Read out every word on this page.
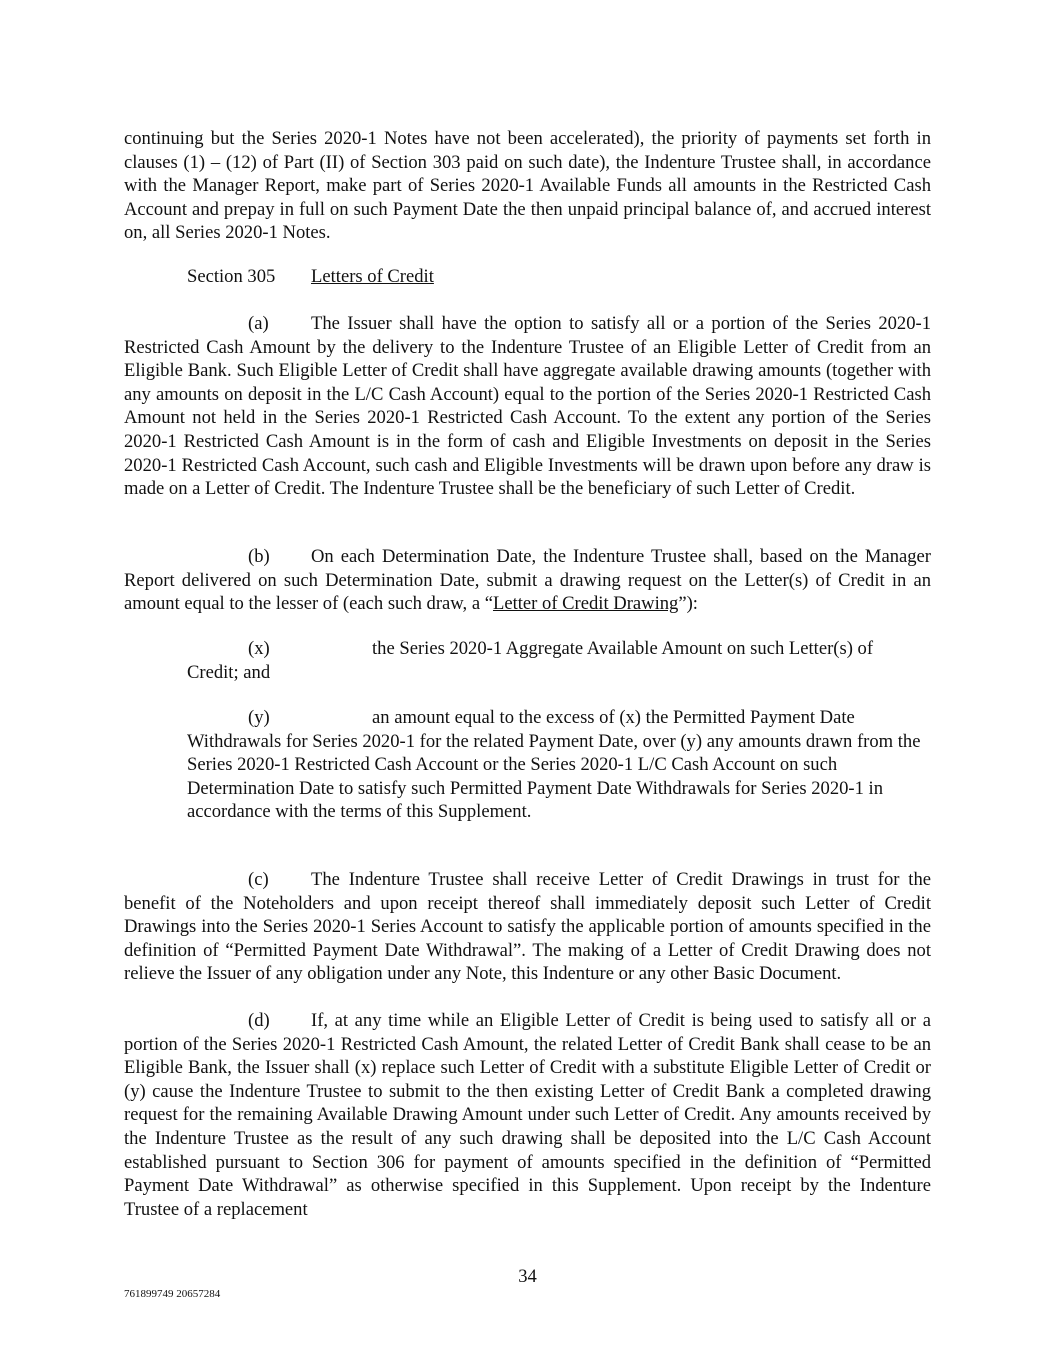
continuing but the Series 2020-1 Notes have not been accelerated), the priority of payments set forth in clauses (1) – (12) of Part (II) of Section 303 paid on such date), the Indenture Trustee shall, in accordance with the Manager Report, make part of Series 2020-1 Available Funds all amounts in the Restricted Cash Account and prepay in full on such Payment Date the then unpaid principal balance of, and accrued interest on, all Series 2020-1 Notes.

Section 305 Letters of Credit

(a) The Issuer shall have the option to satisfy all or a portion of the Series 2020-1 Restricted Cash Amount by the delivery to the Indenture Trustee of an Eligible Letter of Credit from an Eligible Bank. Such Eligible Letter of Credit shall have aggregate available drawing amounts (together with any amounts on deposit in the L/C Cash Account) equal to the portion of the Series 2020-1 Restricted Cash Amount not held in the Series 2020-1 Restricted Cash Account. To the extent any portion of the Series 2020-1 Restricted Cash Amount is in the form of cash and Eligible Investments on deposit in the Series 2020-1 Restricted Cash Account, such cash and Eligible Investments will be drawn upon before any draw is made on a Letter of Credit. The Indenture Trustee shall be the beneficiary of such Letter of Credit.

(b) On each Determination Date, the Indenture Trustee shall, based on the Manager Report delivered on such Determination Date, submit a drawing request on the Letter(s) of Credit in an amount equal to the lesser of (each such draw, a “Letter of Credit Drawing”):

(x)	the Series 2020-1 Aggregate Available Amount on such Letter(s) of Credit; and

(y)	an amount equal to the excess of (x) the Permitted Payment Date Withdrawals for Series 2020-1 for the related Payment Date, over (y) any amounts drawn from the Series 2020-1 Restricted Cash Account or the Series 2020-1 L/C Cash Account on such Determination Date to satisfy such Permitted Payment Date Withdrawals for Series 2020-1 in accordance with the terms of this Supplement.

(c) The Indenture Trustee shall receive Letter of Credit Drawings in trust for the benefit of the Noteholders and upon receipt thereof shall immediately deposit such Letter of Credit Drawings into the Series 2020-1 Series Account to satisfy the applicable portion of amounts specified in the definition of “Permitted Payment Date Withdrawal”. The making of a Letter of Credit Drawing does not relieve the Issuer of any obligation under any Note, this Indenture or any other Basic Document.

(d) If, at any time while an Eligible Letter of Credit is being used to satisfy all or a portion of the Series 2020-1 Restricted Cash Amount, the related Letter of Credit Bank shall cease to be an Eligible Bank, the Issuer shall (x) replace such Letter of Credit with a substitute Eligible Letter of Credit or (y) cause the Indenture Trustee to submit to the then existing Letter of Credit Bank a completed drawing request for the remaining Available Drawing Amount under such Letter of Credit. Any amounts received by the Indenture Trustee as the result of any such drawing shall be deposited into the L/C Cash Account established pursuant to Section 306 for payment of amounts specified in the definition of “Permitted Payment Date Withdrawal” as otherwise specified in this Supplement. Upon receipt by the Indenture Trustee of a replacement

34
761899749 20657284
